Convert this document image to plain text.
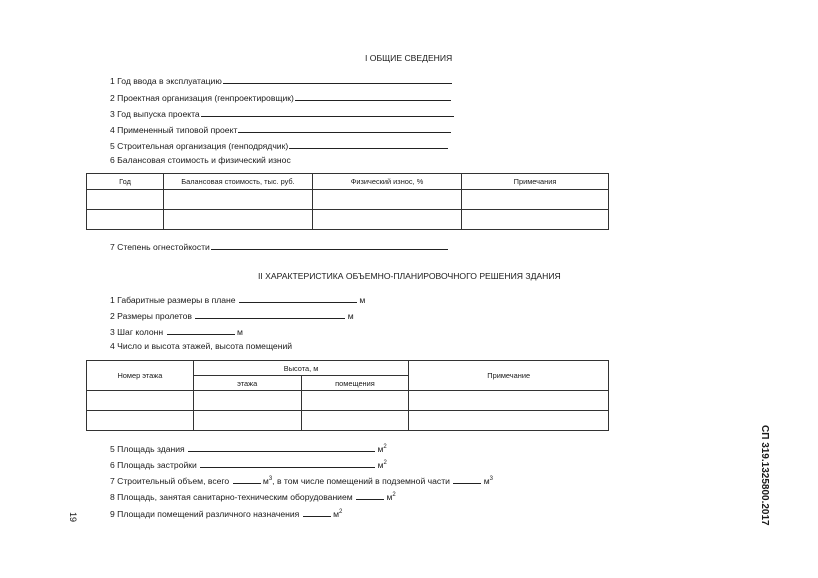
I ОБЩИЕ СВЕДЕНИЯ
1 Год ввода в эксплуатацию
2 Проектная организация (генпроектировщик)
3 Год выпуска проекта
4 Примененный типовой проект
5 Строительная организация (генподрядчик)
6 Балансовая стоимость и физический износ
Год	Балансовая стоимость, тыс. руб.	Физический износ, %	Примечания

7 Степень огнестойкости
II ХАРАКТЕРИСТИКА ОБЪЕМНО-ПЛАНИРОВОЧНОГО РЕШЕНИЯ ЗДАНИЯ
1 Габаритные размеры в плане	м
2 Размеры пролетов	м
3 Шаг колонн	м
4 Число и высота этажей, высота помещений
Номер этажа	Высота, м		Примечание
	этажа	помещения	

5 Площадь здания	$м^2$
6 Площадь застройки	$м^2$
7 Строительный объем, всего	$м^3$, в том числе помещений в подземной части	$м^3$
8 Площадь, занятая санитарно-техническим оборудованием	$м^2$
9 Площади помещений различного назначения	$м^2$	СП 319.1325800.2017
19
